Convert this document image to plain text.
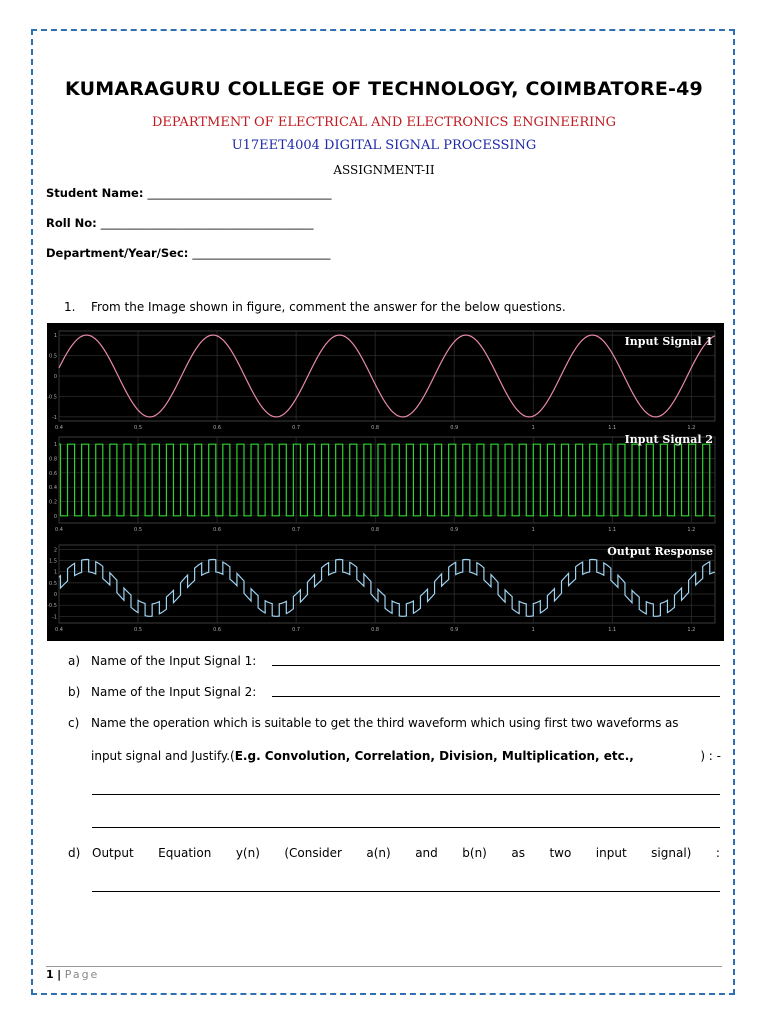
KUMARAGURU COLLEGE OF TECHNOLOGY, COIMBATORE-49
DEPARTMENT OF ELECTRICAL AND ELECTRONICS ENGINEERING
U17EET4004 DIGITAL SIGNAL PROCESSING
ASSIGNMENT-II
Student Name: ________________________________
Roll No: _____________________________________
Department/Year/Sec: ________________________
1. From the Image shown in figure, comment the answer for the below questions.
0.4	0.5	0.6	0.7	0.8	0.9	1	1.1	1.2
1
0.5
0
-0.5
-1
Input Signal 1
0.4	0.5	0.6	0.7	0.8	0.9	1	1.1	1.2
1
0.8
0.6
0.4
0.2
0
Input Signal 2
0.4	0.5	0.6	0.7	0.8	0.9	1	1.1	1.2
2
1.5
1
0.5
0
-0.5
-1
Output Response
a) Name of the Input Signal 1:
b) Name of the Input Signal 2:
c) Name the operation which is suitable to get the third waveform which using first two waveforms as
input signal and Justify.(E.g. Convolution, Correlation, Division, Multiplication, etc.,	) : -
d) Output Equation y(n) (Consider a(n) and b(n) as two input signal) :
1 | Page
